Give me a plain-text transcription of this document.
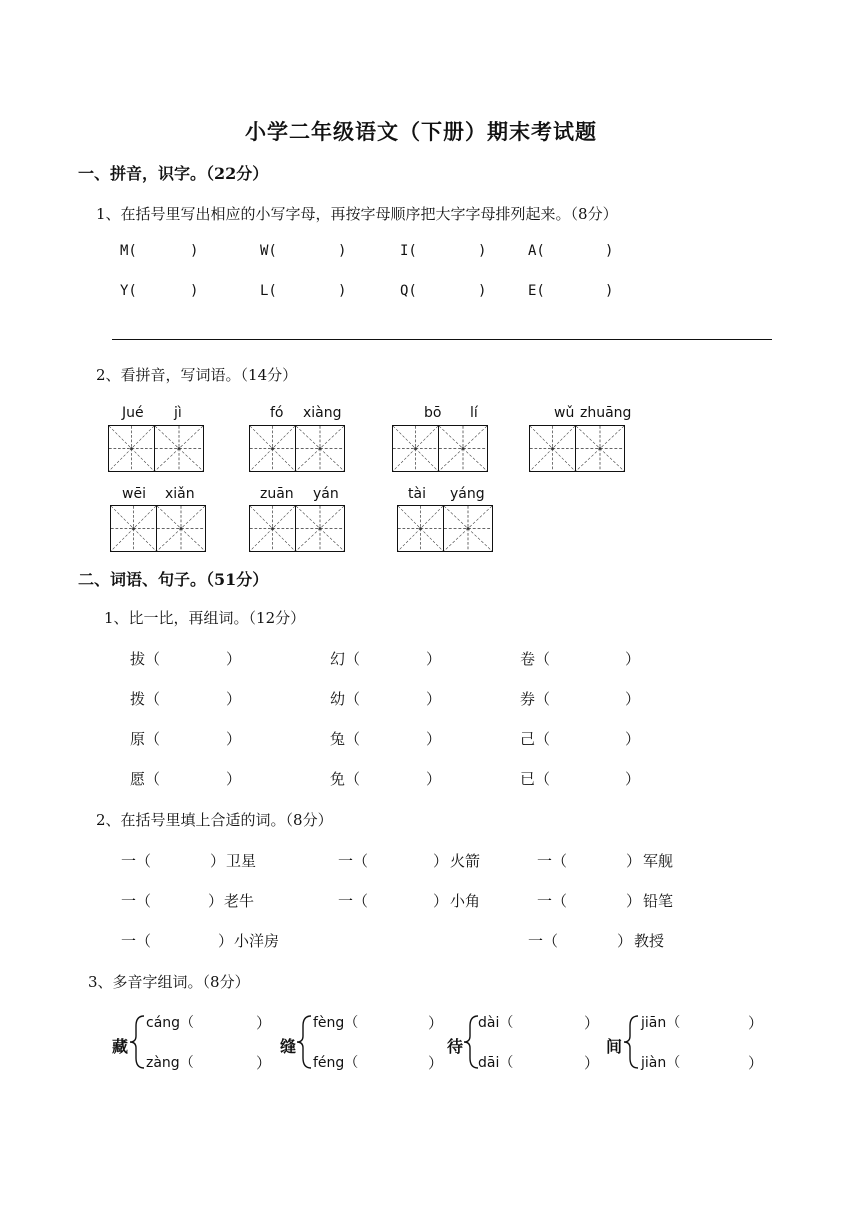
小学二年级语文（下册）期末考试题
一、拼音，识字。（22分）
1、在括号里写出相应的小写字母，再按字母顺序把大字字母排列起来。（8分）
M(	)	W(	)	I(	)	A(	)
Y(	)	L(	)	Q(	)	E(	)
2、看拼音，写词语。（14分）
Jué jì	fó xiàng	bō lí	wǔ zhuāng
wēi xiǎn	zuān yán	tài yáng
二、词语、句子。（51分）
1、比一比，再组词。（12分）
拔（	）	幻（	）	卷（	）
拨（	）	幼（	）	券（	）
原（	）	兔（	）	己（	）
愿（	）	免（	）	已（	）
2、在括号里填上合适的词。（8分）
一（	） 卫星	一（	） 火箭	一（	） 军舰
一（	） 老牛	一（	） 小角	一（	） 铅笔
一（	） 小洋房	一（	） 教授
3、多音字组词。（8分）
藏
cáng（	）
zàng（	）
缝
fèng（	）
féng（	）
待
dài（	）
dāi（	）
间
jiān（	）
jiàn（	）
